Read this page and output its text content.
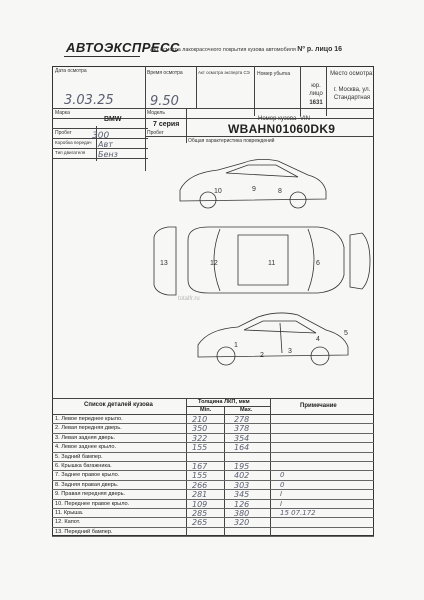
АВТОЭКСПРЕСС
Акт осмотра лакокрасочного покрытия кузова автомобиля Nº р. лицо 16
Дата осмотра
3.03.25
Время осмотра
9.50
Акт осмотра эксперта СЭ Номер убытка
юр. лицо
1631
Место осмотра:
г. Москва, ул. Стандартная
Марка
BMW
Модель
7 серия
Номер кузова -VIN
WBAHN01060DK9
Пробег 300	Пробег
Общая характеристика повреждений
Коробка передач Авт
Тип двигателя Бенз
10	9	8
12	11	6
1
2
3
4
5
13
totalfr.ru
Список деталей кузова	Толщина ЛКП, мкм
Min.	Max.
Примечание
1. Левое переднее крыло.	210	278
2. Левая передняя дверь.	350	378
3. Левая задняя дверь.	322	354
4. Левое заднее крыло.	155	164
5. Задний бампер.
6. Крышка багажника.	167	195
7. Заднее правое крыло.	155	402	0
8. Задняя правая дверь.	266	303	0
9. Правая передняя дверь.	281	345	I
10. Переднее правое крыло.	109	126	I
11. Крыша.	285	380	15 07.172
12. Капот.	265	320
13. Передний бампер.
